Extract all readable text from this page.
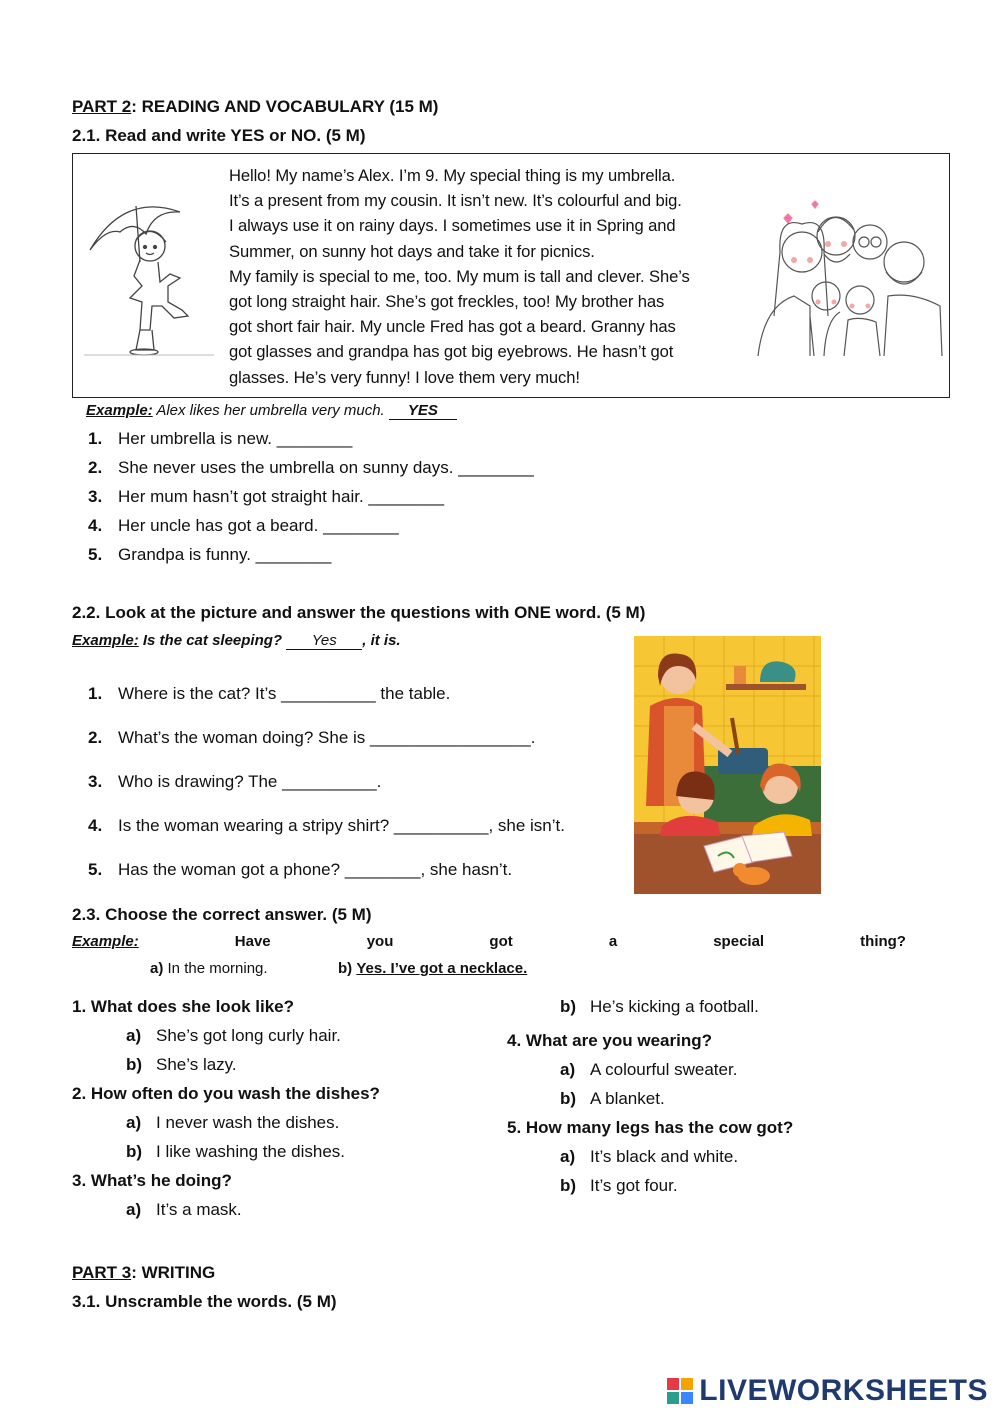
PART 2: READING AND VOCABULARY (15 M)
2.1. Read and write YES or NO. (5 M)
Hello! My name’s Alex. I’m 9. My special thing is my umbrella.
It’s a present from my cousin. It isn’t new. It’s colourful and big.
I always use it on rainy days. I sometimes use it in Spring and
Summer, on sunny hot days and take it for picnics.
My family is special to me, too. My mum is tall and clever. She’s
got long straight hair. She’s got freckles, too! My brother has
got short fair hair. My uncle Fred has got a beard. Granny has
got glasses and grandpa has got big eyebrows. He hasn’t got
glasses. He’s very funny! I love them very much!
Example: Alex likes her umbrella very much. YES
1. Her umbrella is new. ________
2. She never uses the umbrella on sunny days. ________
3. Her mum hasn’t got straight hair. ________
4. Her uncle has got a beard. ________
5. Grandpa is funny. ________
2.2. Look at the picture and answer the questions with ONE word. (5 M)
Example: Is the cat sleeping? Yes , it is.
1. Where is the cat? It’s __________ the table.
2. What’s the woman doing? She is _________________.
3. Who is drawing? The __________.
4. Is the woman wearing a stripy shirt? __________, she isn’t.
5. Has the woman got a phone? ________, she hasn’t.
2.3. Choose the correct answer. (5 M)
Example:	Have	you	got	a	special	thing?
a) In the morning.	b) Yes. I’ve got a necklace.
1. What does she look like?
a) She’s got long curly hair.
b) She’s lazy.
2. How often do you wash the dishes?
a) I never wash the dishes.
b) I like washing the dishes.
3. What’s he doing?
a) It’s a mask.
b) He’s kicking a football.
4. What are you wearing?
a) A colourful sweater.
b) A blanket.
5. How many legs has the cow got?
a) It’s black and white.
b) It’s got four.
PART 3: WRITING
3.1. Unscramble the words. (5 M)
LIVEWORKSHEETS
